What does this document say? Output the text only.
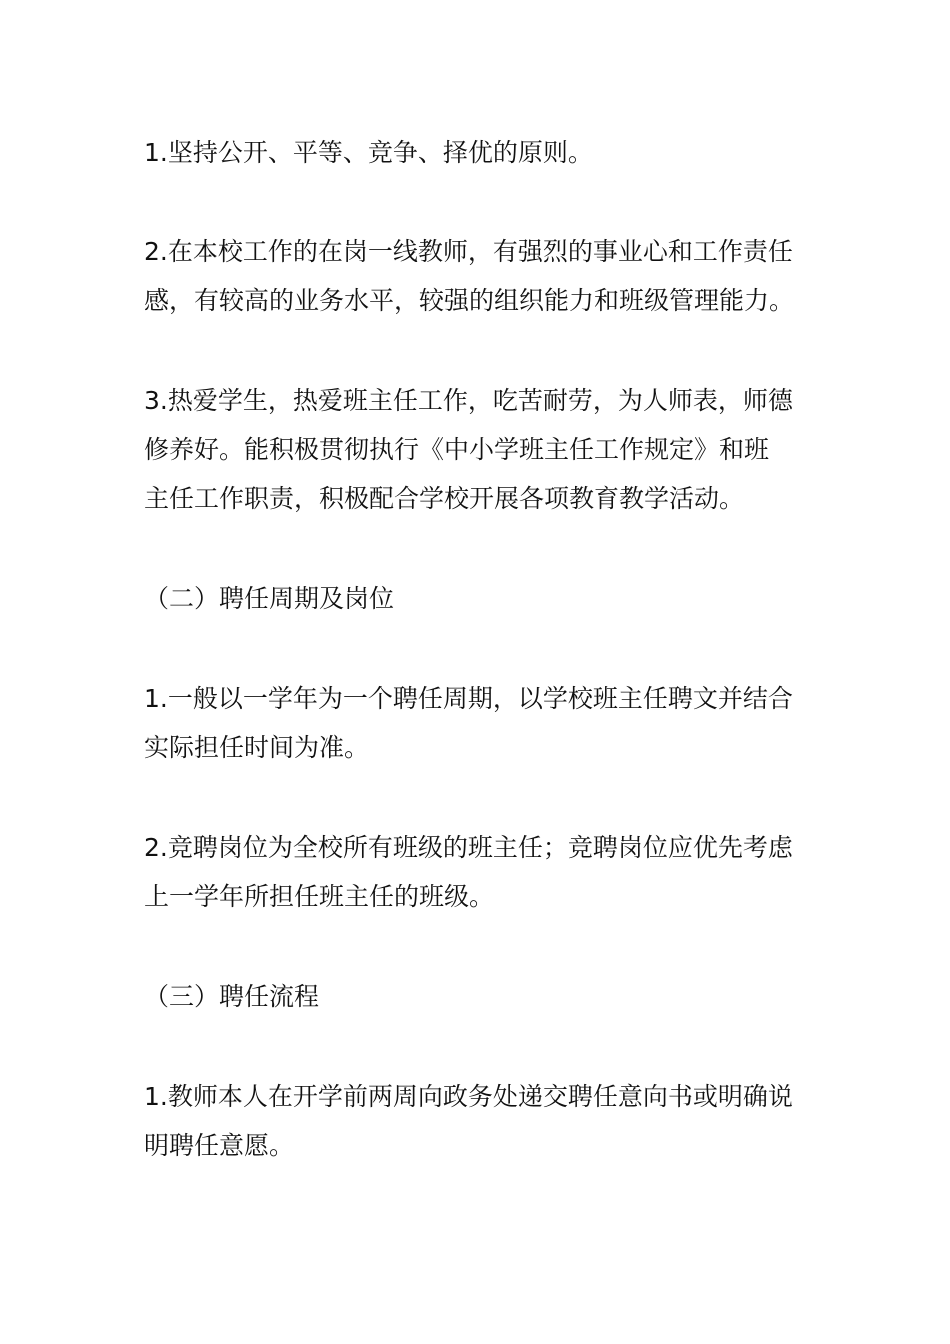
1.坚持公开、平等、竞争、择优的原则。

2.在本校工作的在岗一线教师，有强烈的事业心和工作责任
感，有较高的业务水平，较强的组织能力和班级管理能力。

3.热爱学生，热爱班主任工作，吃苦耐劳，为人师表，师德
修养好。能积极贯彻执行《中小学班主任工作规定》和班
主任工作职责，积极配合学校开展各项教育教学活动。

（二）聘任周期及岗位

1.一般以一学年为一个聘任周期，以学校班主任聘文并结合
实际担任时间为准。

2.竞聘岗位为全校所有班级的班主任；竞聘岗位应优先考虑
上一学年所担任班主任的班级。

（三）聘任流程

1.教师本人在开学前两周向政务处递交聘任意向书或明确说
明聘任意愿。
